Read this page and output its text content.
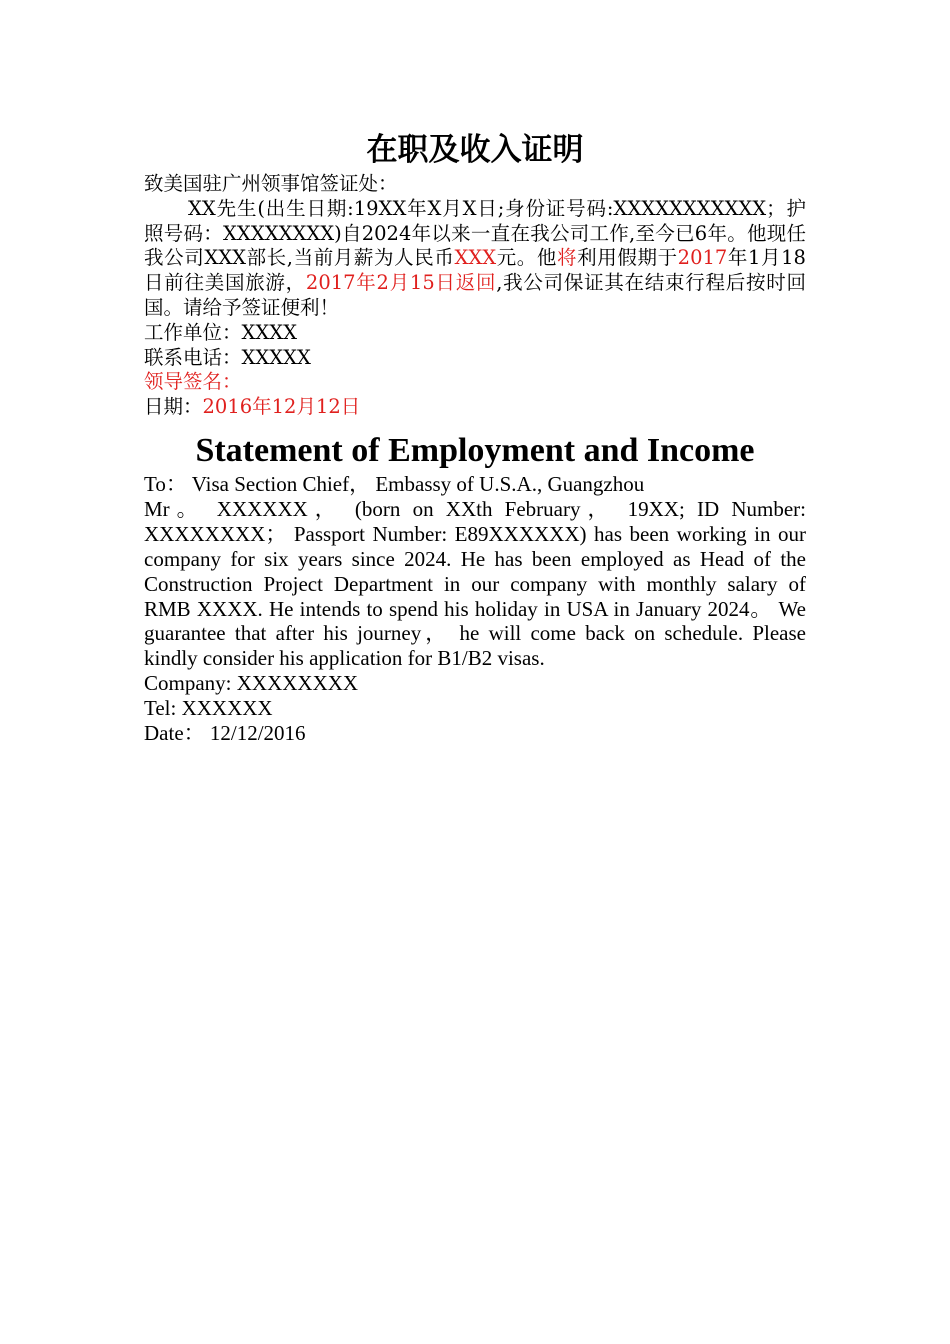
在职及收入证明
致美国驻广州领事馆签证处：
XX先生(出生日期:19XX年X月X日;身份证号码:XXXXXXXXXXX；护照号码：XXXXXXXX)自2024年以来一直在我公司工作,至今已6年。他现任我公司XXX部长,当前月薪为人民币XXX元。他将利用假期于2017年1月18日前往美国旅游，2017年2月15日返回,我公司保证其在结束行程后按时回国。请给予签证便利！
工作单位：XXXX
联系电话：XXXXX
领导签名：
日期：2016年12月12日
Statement of Employment and Income
To： Visa Section Chief， Embassy of U.S.A., Guangzhou
Mr。 XXXXXX， (born on XXth February， 19XX; ID Number: XXXXXXXX； Passport Number: E89XXXXXX) has been working in our company for six years since 2024. He has been employed as Head of the Construction Project Department in our company with monthly salary of RMB XXXX. He intends to spend his holiday in USA in January 2024。 We guarantee that after his journey， he will come back on schedule. Please kindly consider his application for B1/B2 visas.
Company: XXXXXXXX
Tel: XXXXXX
Date： 12/12/2016
